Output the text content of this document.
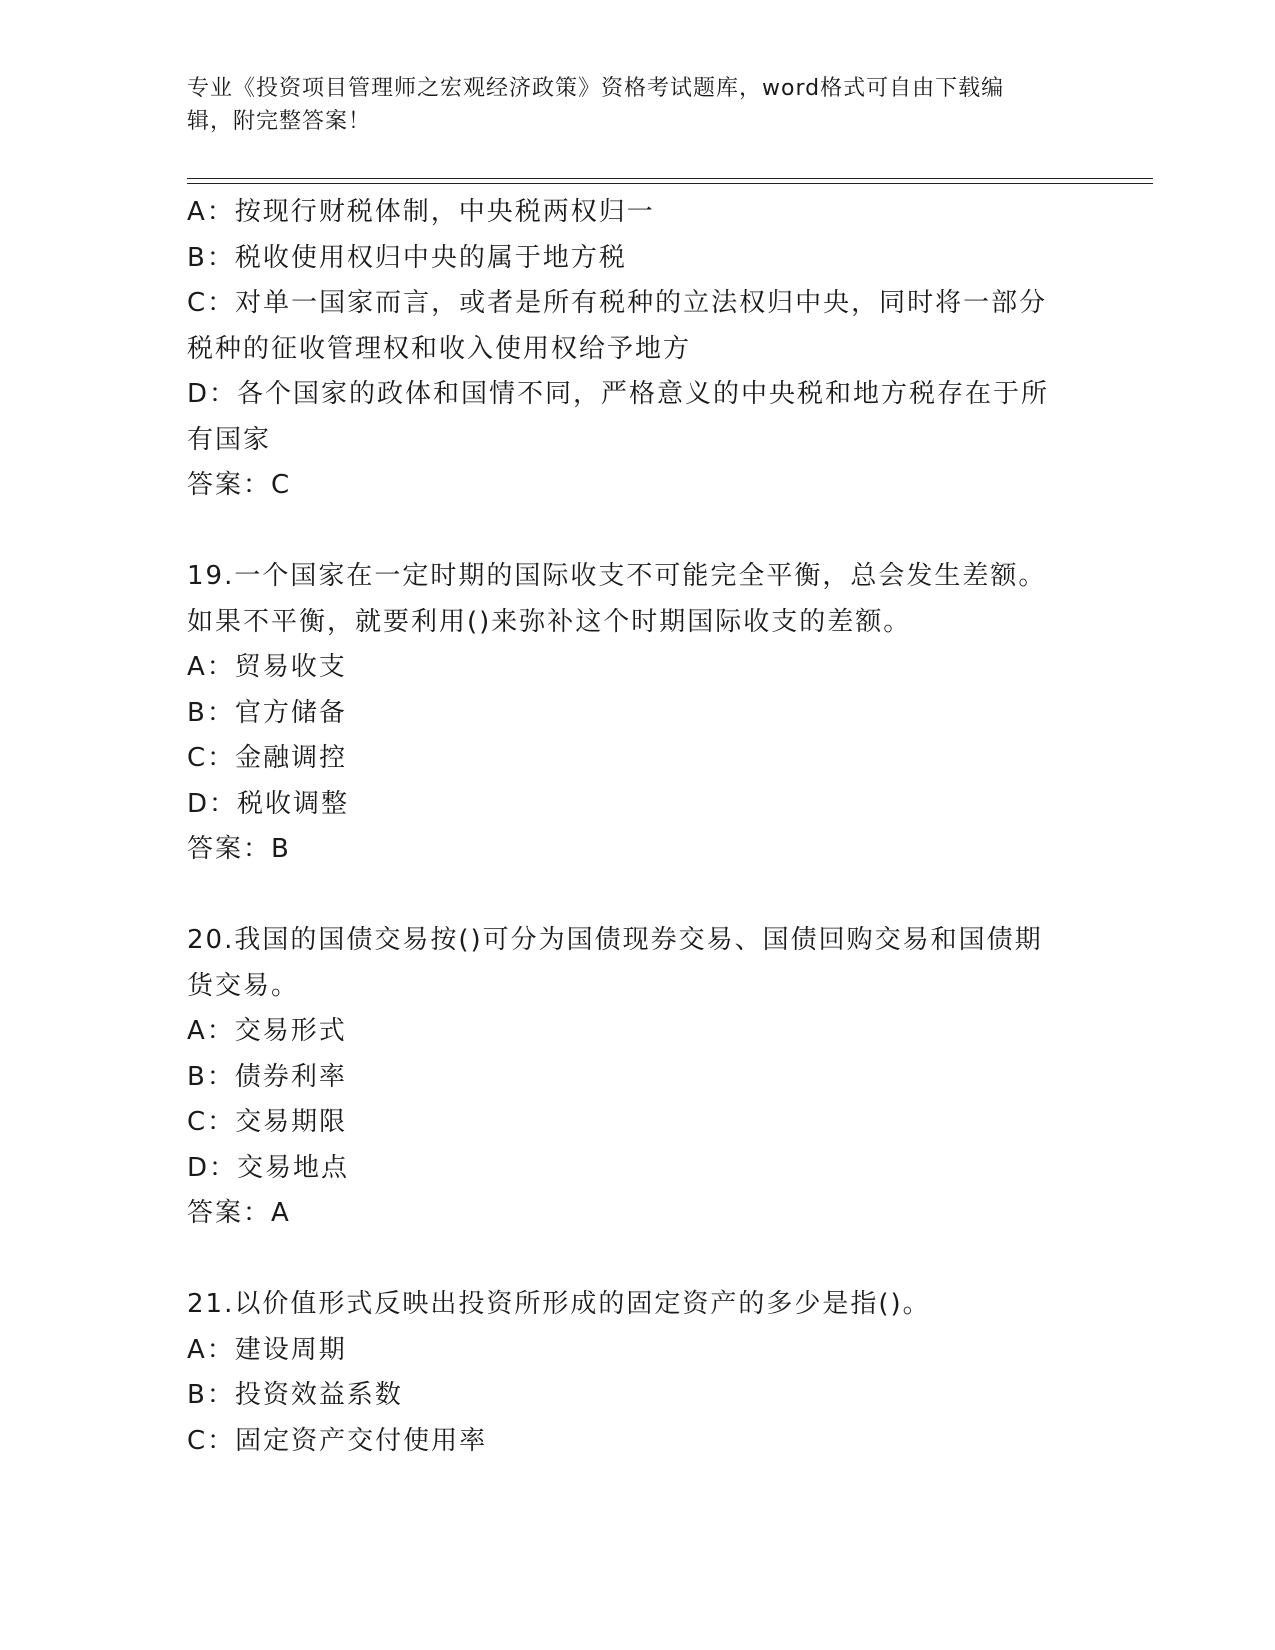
专业《投资项目管理师之宏观经济政策》资格考试题库，word格式可自由下载编
辑，附完整答案！

A：按现行财税体制，中央税两权归一

B：税收使用权归中央的属于地方税

C：对单一国家而言，或者是所有税种的立法权归中央，同时将一部分

税种的征收管理权和收入使用权给予地方

D：各个国家的政体和国情不同，严格意义的中央税和地方税存在于所

有国家

答案：C

19.一个国家在一定时期的国际收支不可能完全平衡，总会发生差额。

如果不平衡，就要利用()来弥补这个时期国际收支的差额。

A：贸易收支

B：官方储备

C：金融调控

D：税收调整

答案：B

20.我国的国债交易按()可分为国债现券交易、国债回购交易和国债期

货交易。

A：交易形式

B：债券利率

C：交易期限

D：交易地点

答案：A

21.以价值形式反映出投资所形成的固定资产的多少是指()。

A：建设周期

B：投资效益系数

C：固定资产交付使用率
